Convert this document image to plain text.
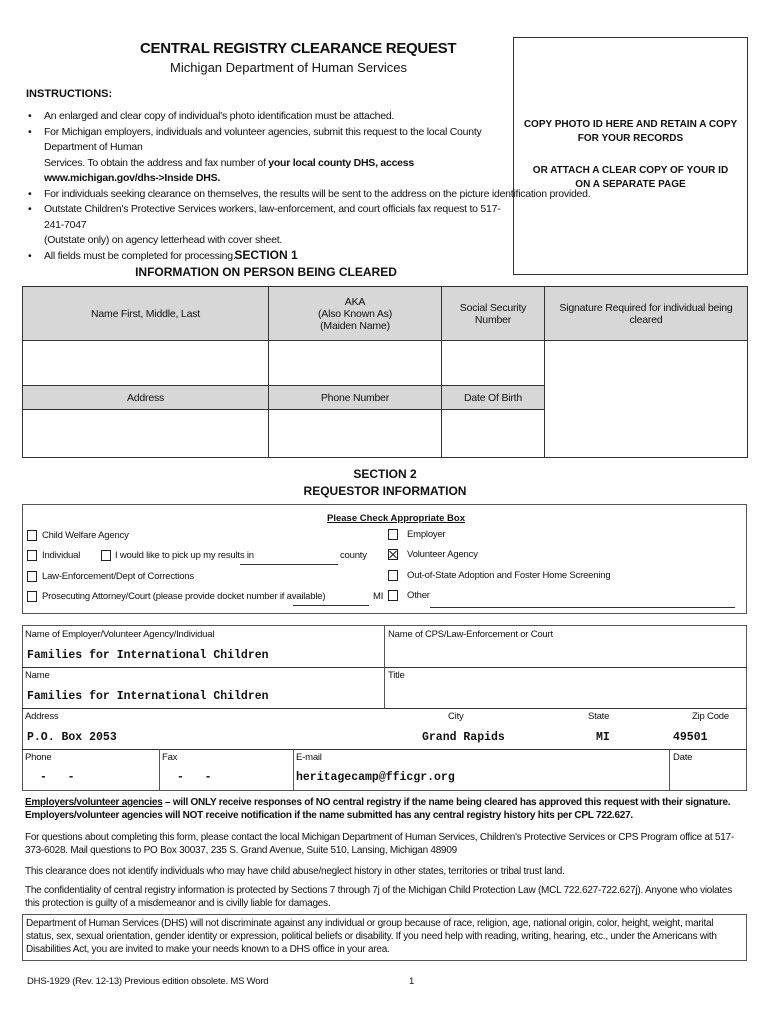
CENTRAL REGISTRY CLEARANCE REQUEST
Michigan Department of Human Services
INSTRUCTIONS:
• An enlarged and clear copy of individual's photo identification must be attached.
• For Michigan employers, individuals and volunteer agencies, submit this request to the local County Department of Human
Services. To obtain the address and fax number of your local county DHS, access www.michigan.gov/dhs->Inside DHS.
• For individuals seeking clearance on themselves, the results will be sent to the address on the picture identification provided.
• Outstate Children's Protective Services workers, law-enforcement, and court officials fax request to 517-241-7047
(Outstate only) on agency letterhead with cover sheet.
• All fields must be completed for processing.
COPY PHOTO ID HERE AND RETAIN A COPY
FOR YOUR RECORDS
OR ATTACH A CLEAR COPY OF YOUR ID
ON A SEPARATE PAGE
SECTION 1
INFORMATION ON PERSON BEING CLEARED
Name First, Middle, Last	AKA
(Also Known As)
(Maiden Name)	Social Security Number	Signature Required for individual being cleared

Address	Phone Number	Date Of Birth	

SECTION 2
REQUESTOR INFORMATION
Please Check Appropriate Box
Child Welfare Agency
Individual	I would like to pick up my results in	county
Law-Enforcement/Dept of Corrections
Prosecuting Attorney/Court (please provide docket number if available)	MI
Employer
Volunteer Agency
Out-of-State Adoption and Foster Home Screening
Other
Name of Employer/Volunteer Agency/Individual
Families for International Children
Name of CPS/Law-Enforcement or Court
Name
Families for International Children
Title
Address
P.O. Box 2053
City
Grand Rapids
State
MI
Zip Code
49501
Phone
-   -
Fax
-   -
E-mail
heritagecamp@fficgr.org
Date
Employers/volunteer agencies – will ONLY receive responses of NO central registry if the name being cleared has approved this request with their signature. Employers/volunteer agencies will NOT receive notification if the name submitted has any central registry history hits per CPL 722.627.
For questions about completing this form, please contact the local Michigan Department of Human Services, Children's Protective Services or CPS Program office at 517-373-6028. Mail questions to PO Box 30037, 235 S. Grand Avenue, Suite 510, Lansing, Michigan 48909
This clearance does not identify individuals who may have child abuse/neglect history in other states, territories or tribal trust land.
The confidentiality of central registry information is protected by Sections 7 through 7j of the Michigan Child Protection Law (MCL 722.627-722.627j). Anyone who violates this protection is guilty of a misdemeanor and is civilly liable for damages.
Department of Human Services (DHS) will not discriminate against any individual or group because of race, religion, age, national origin, color, height, weight, marital status, sex, sexual orientation, gender identity or expression, political beliefs or disability. If you need help with reading, writing, hearing, etc., under the Americans with Disabilities Act, you are invited to make your needs known to a DHS office in your area.
DHS-1929 (Rev. 12-13) Previous edition obsolete. MS Word	1
